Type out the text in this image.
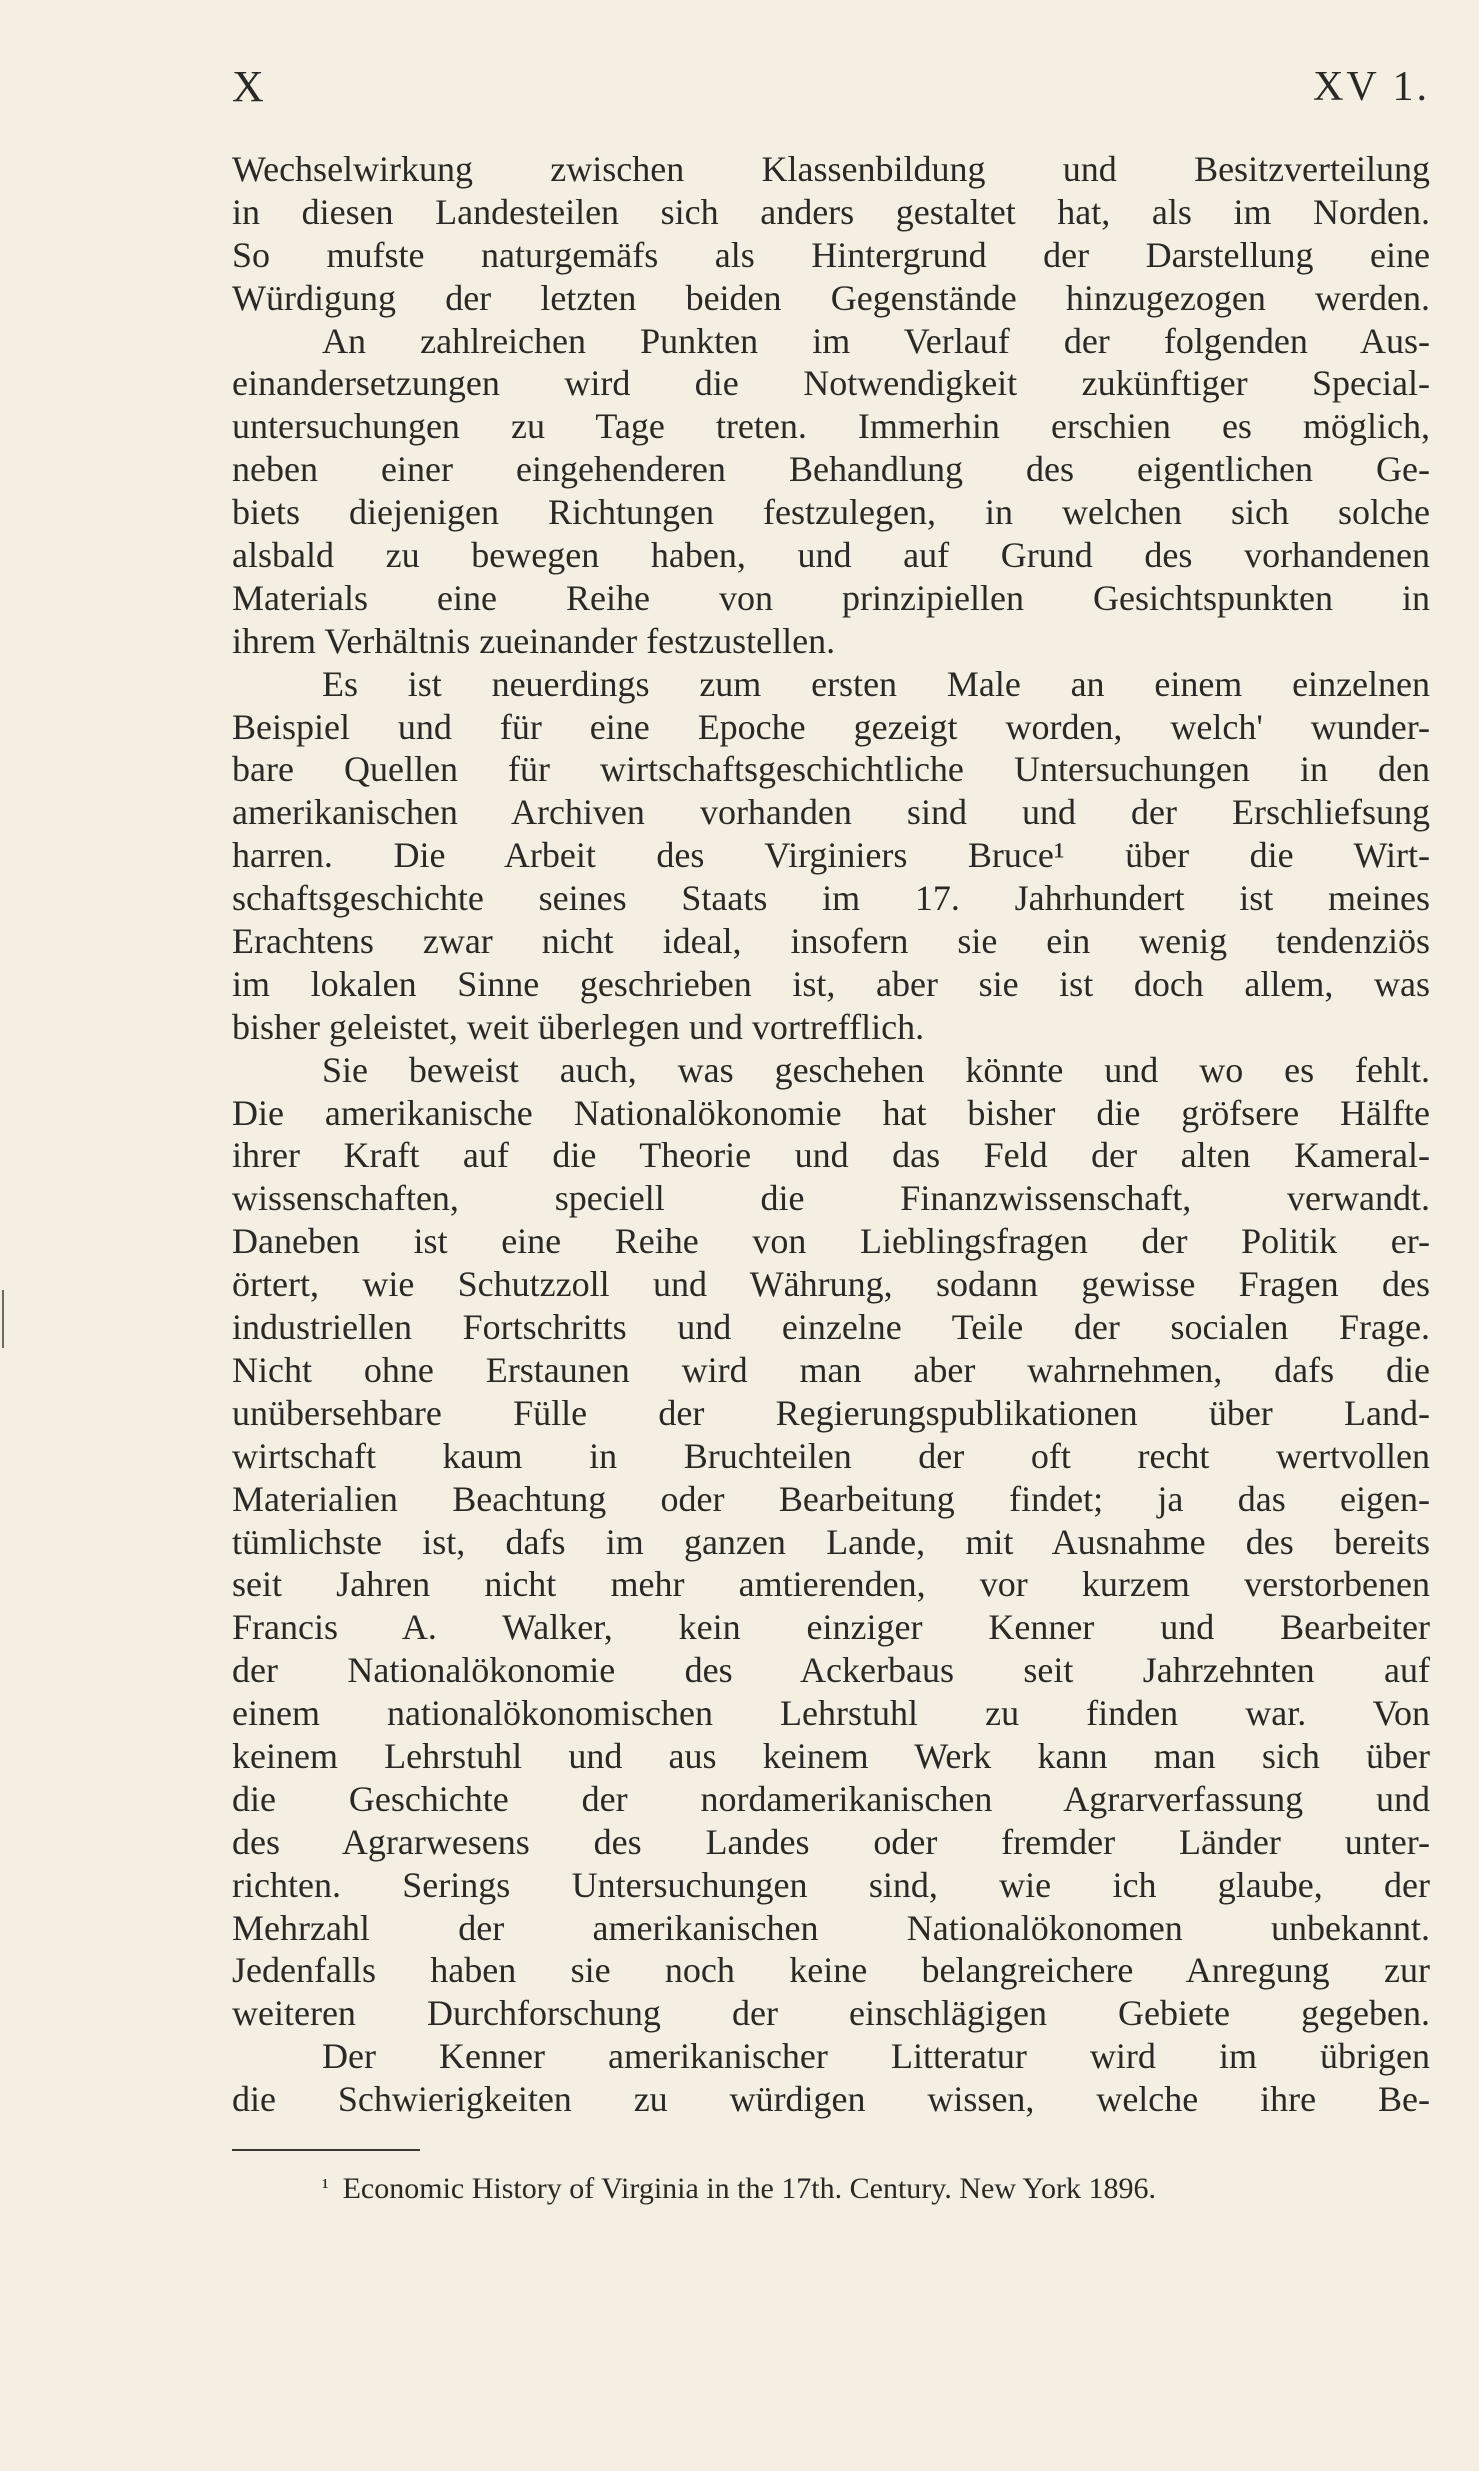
X	XV 1.
Wechselwirkung zwischen Klassenbildung und Besitzverteilung
in diesen Landesteilen sich anders gestaltet hat, als im Norden.
So mufste naturgemäfs als Hintergrund der Darstellung eine
Würdigung der letzten beiden Gegenstände hinzugezogen werden.
An zahlreichen Punkten im Verlauf der folgenden Aus-
einandersetzungen wird die Notwendigkeit zukünftiger Special-
untersuchungen zu Tage treten. Immerhin erschien es möglich,
neben einer eingehenderen Behandlung des eigentlichen Ge-
biets diejenigen Richtungen festzulegen, in welchen sich solche
alsbald zu bewegen haben, und auf Grund des vorhandenen
Materials eine Reihe von prinzipiellen Gesichtspunkten in
ihrem Verhältnis zueinander festzustellen.
Es ist neuerdings zum ersten Male an einem einzelnen
Beispiel und für eine Epoche gezeigt worden, welch' wunder-
bare Quellen für wirtschaftsgeschichtliche Untersuchungen in den
amerikanischen Archiven vorhanden sind und der Erschliefsung
harren. Die Arbeit des Virginiers Bruce¹ über die Wirt-
schaftsgeschichte seines Staats im 17. Jahrhundert ist meines
Erachtens zwar nicht ideal, insofern sie ein wenig tendenziös
im lokalen Sinne geschrieben ist, aber sie ist doch allem, was
bisher geleistet, weit überlegen und vortrefflich.
Sie beweist auch, was geschehen könnte und wo es fehlt.
Die amerikanische Nationalökonomie hat bisher die gröfsere Hälfte
ihrer Kraft auf die Theorie und das Feld der alten Kameral-
wissenschaften, speciell die Finanzwissenschaft, verwandt.
Daneben ist eine Reihe von Lieblingsfragen der Politik er-
örtert, wie Schutzzoll und Währung, sodann gewisse Fragen des
industriellen Fortschritts und einzelne Teile der socialen Frage.
Nicht ohne Erstaunen wird man aber wahrnehmen, dafs die
unübersehbare Fülle der Regierungspublikationen über Land-
wirtschaft kaum in Bruchteilen der oft recht wertvollen
Materialien Beachtung oder Bearbeitung findet; ja das eigen-
tümlichste ist, dafs im ganzen Lande, mit Ausnahme des bereits
seit Jahren nicht mehr amtierenden, vor kurzem verstorbenen
Francis A. Walker, kein einziger Kenner und Bearbeiter
der Nationalökonomie des Ackerbaus seit Jahrzehnten auf
einem nationalökonomischen Lehrstuhl zu finden war. Von
keinem Lehrstuhl und aus keinem Werk kann man sich über
die Geschichte der nordamerikanischen Agrarverfassung und
des Agrarwesens des Landes oder fremder Länder unter-
richten. Serings Untersuchungen sind, wie ich glaube, der
Mehrzahl der amerikanischen Nationalökonomen unbekannt.
Jedenfalls haben sie noch keine belangreichere Anregung zur
weiteren Durchforschung der einschlägigen Gebiete gegeben.
Der Kenner amerikanischer Litteratur wird im übrigen
die Schwierigkeiten zu würdigen wissen, welche ihre Be-
$^{^1}$ Economic History of Virginia in the 17th. Century. New York 1896.
